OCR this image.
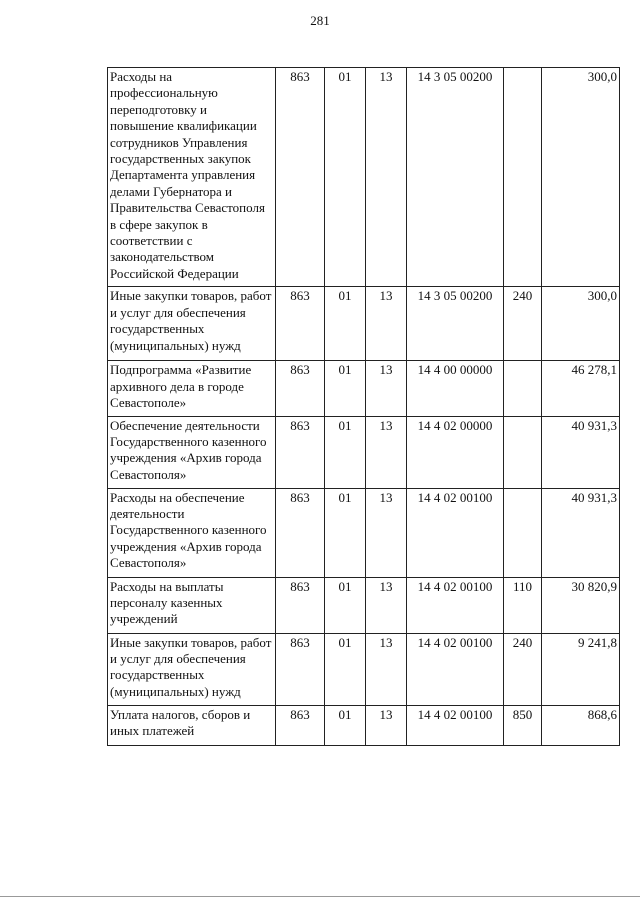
281
Расходы на профессиональную переподготовку и повышение квалификации сотрудников Управления государственных закупок Департамента управления делами Губернатора и Правительства Севастополя в сфере закупок в соответствии с законодательством Российской Федерации	863	01	13	14 3 05 00200		300,0
Иные закупки товаров, работ и услуг для обеспечения государственных (муниципальных) нужд	863	01	13	14 3 05 00200	240	300,0
Подпрограмма «Развитие архивного дела в городе Севастополе»	863	01	13	14 4 00 00000		46 278,1
Обеспечение деятельности Государственного казенного учреждения «Архив города Севастополя»	863	01	13	14 4 02 00000		40 931,3
Расходы на обеспечение деятельности Государственного казенного учреждения «Архив города Севастополя»	863	01	13	14 4 02 00100		40 931,3
Расходы на выплаты персоналу казенных учреждений	863	01	13	14 4 02 00100	110	30 820,9
Иные закупки товаров, работ и услуг для обеспечения государственных (муниципальных) нужд	863	01	13	14 4 02 00100	240	9 241,8
Уплата налогов, сборов и иных платежей	863	01	13	14 4 02 00100	850	868,6
